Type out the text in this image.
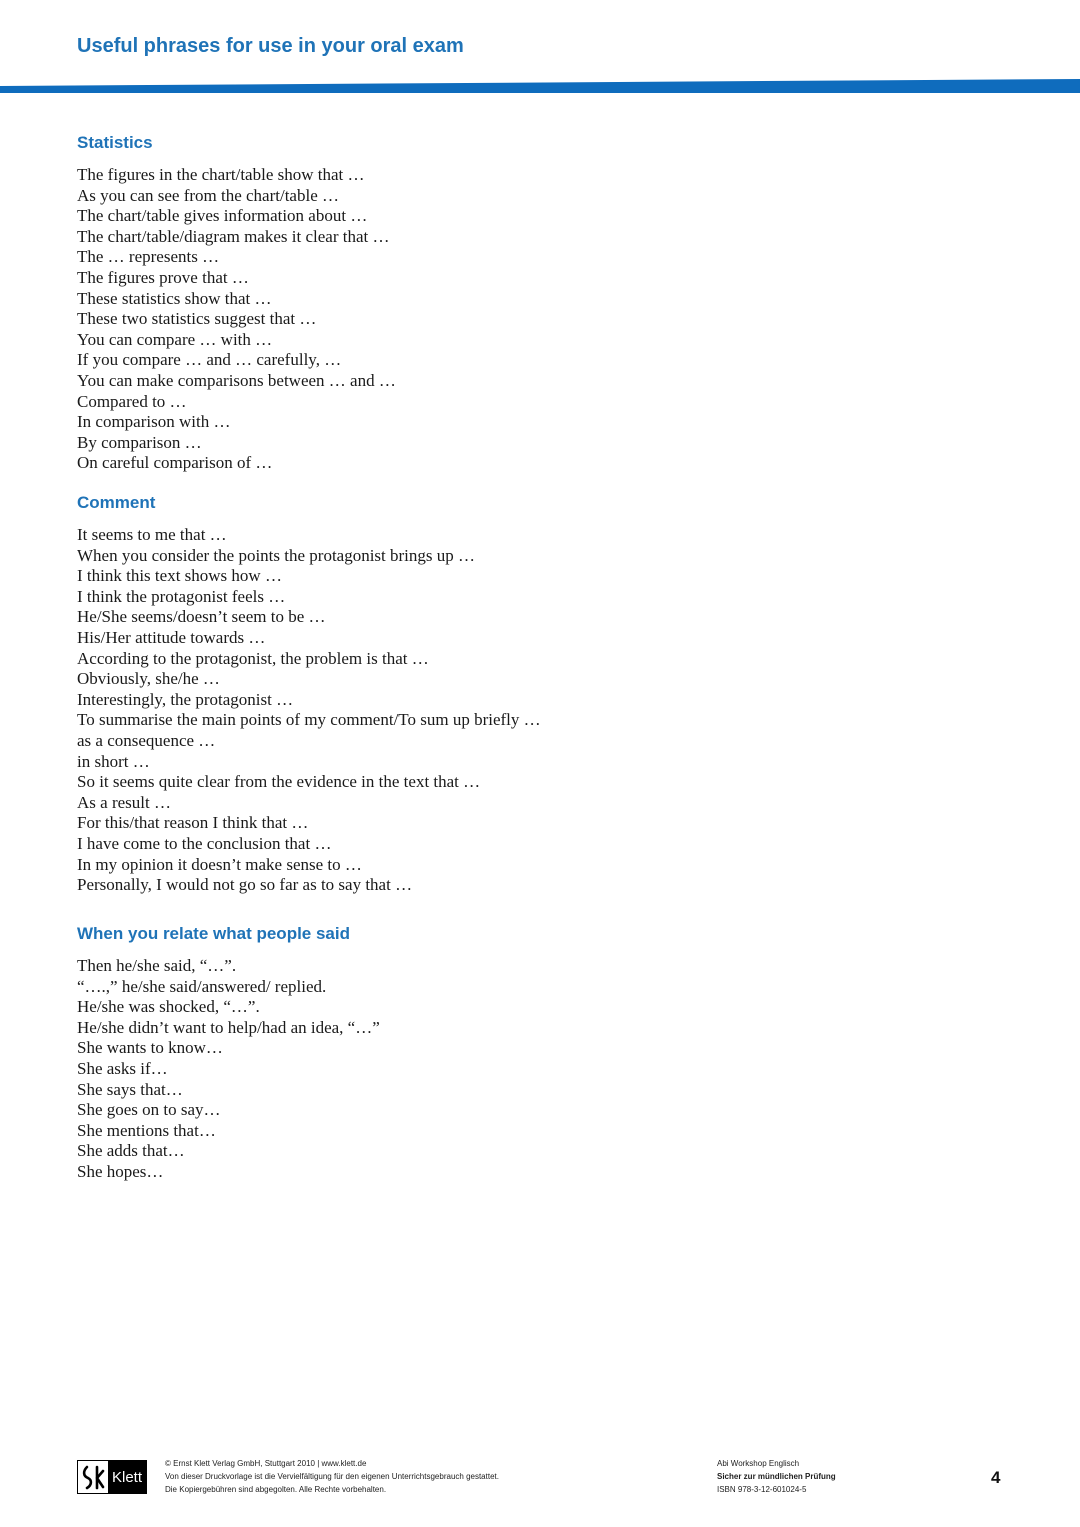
Useful phrases for use in your oral exam
Statistics
The figures in the chart/table show that …
As you can see from the chart/table …
The chart/table gives information about …
The chart/table/diagram makes it clear that …
The … represents …
The figures prove that …
These statistics show that …
These two statistics suggest that …
You can compare … with …
If you compare … and … carefully, …
You can make comparisons between … and …
Compared to …
In comparison with …
By comparison …
On careful comparison of …
Comment
It seems to me that …
When you consider the points the protagonist brings up …
I think this text shows how …
I think the protagonist feels …
He/She seems/doesn’t seem to be …
His/Her attitude towards …
According to the protagonist, the problem is that …
Obviously, she/he …
Interestingly, the protagonist …
To summarise the main points of my comment/To sum up briefly …
as a consequence …
in short …
So it seems quite clear from the evidence in the text that …
As a result …
For this/that reason I think that …
I have come to the conclusion that …
In my opinion it doesn’t make sense to …
Personally, I would not go so far as to say that …
When you relate what people said
Then he/she said, “…”.
“….,” he/she said/answered/ replied.
He/she was shocked, “…”.
He/she didn’t want to help/had an idea, “…”
She wants to know…
She asks if…
She says that…
She goes on to say…
She mentions that…
She adds that…
She hopes…
Klett
© Ernst Klett Verlag GmbH, Stuttgart 2010 | www.klett.de
Von dieser Druckvorlage ist die Vervielfältigung für den eigenen Unterrichtsgebrauch gestattet.
Die Kopiergebühren sind abgegolten. Alle Rechte vorbehalten.
Abi Workshop Englisch
Sicher zur mündlichen Prüfung
ISBN 978-3-12-601024-5
4
